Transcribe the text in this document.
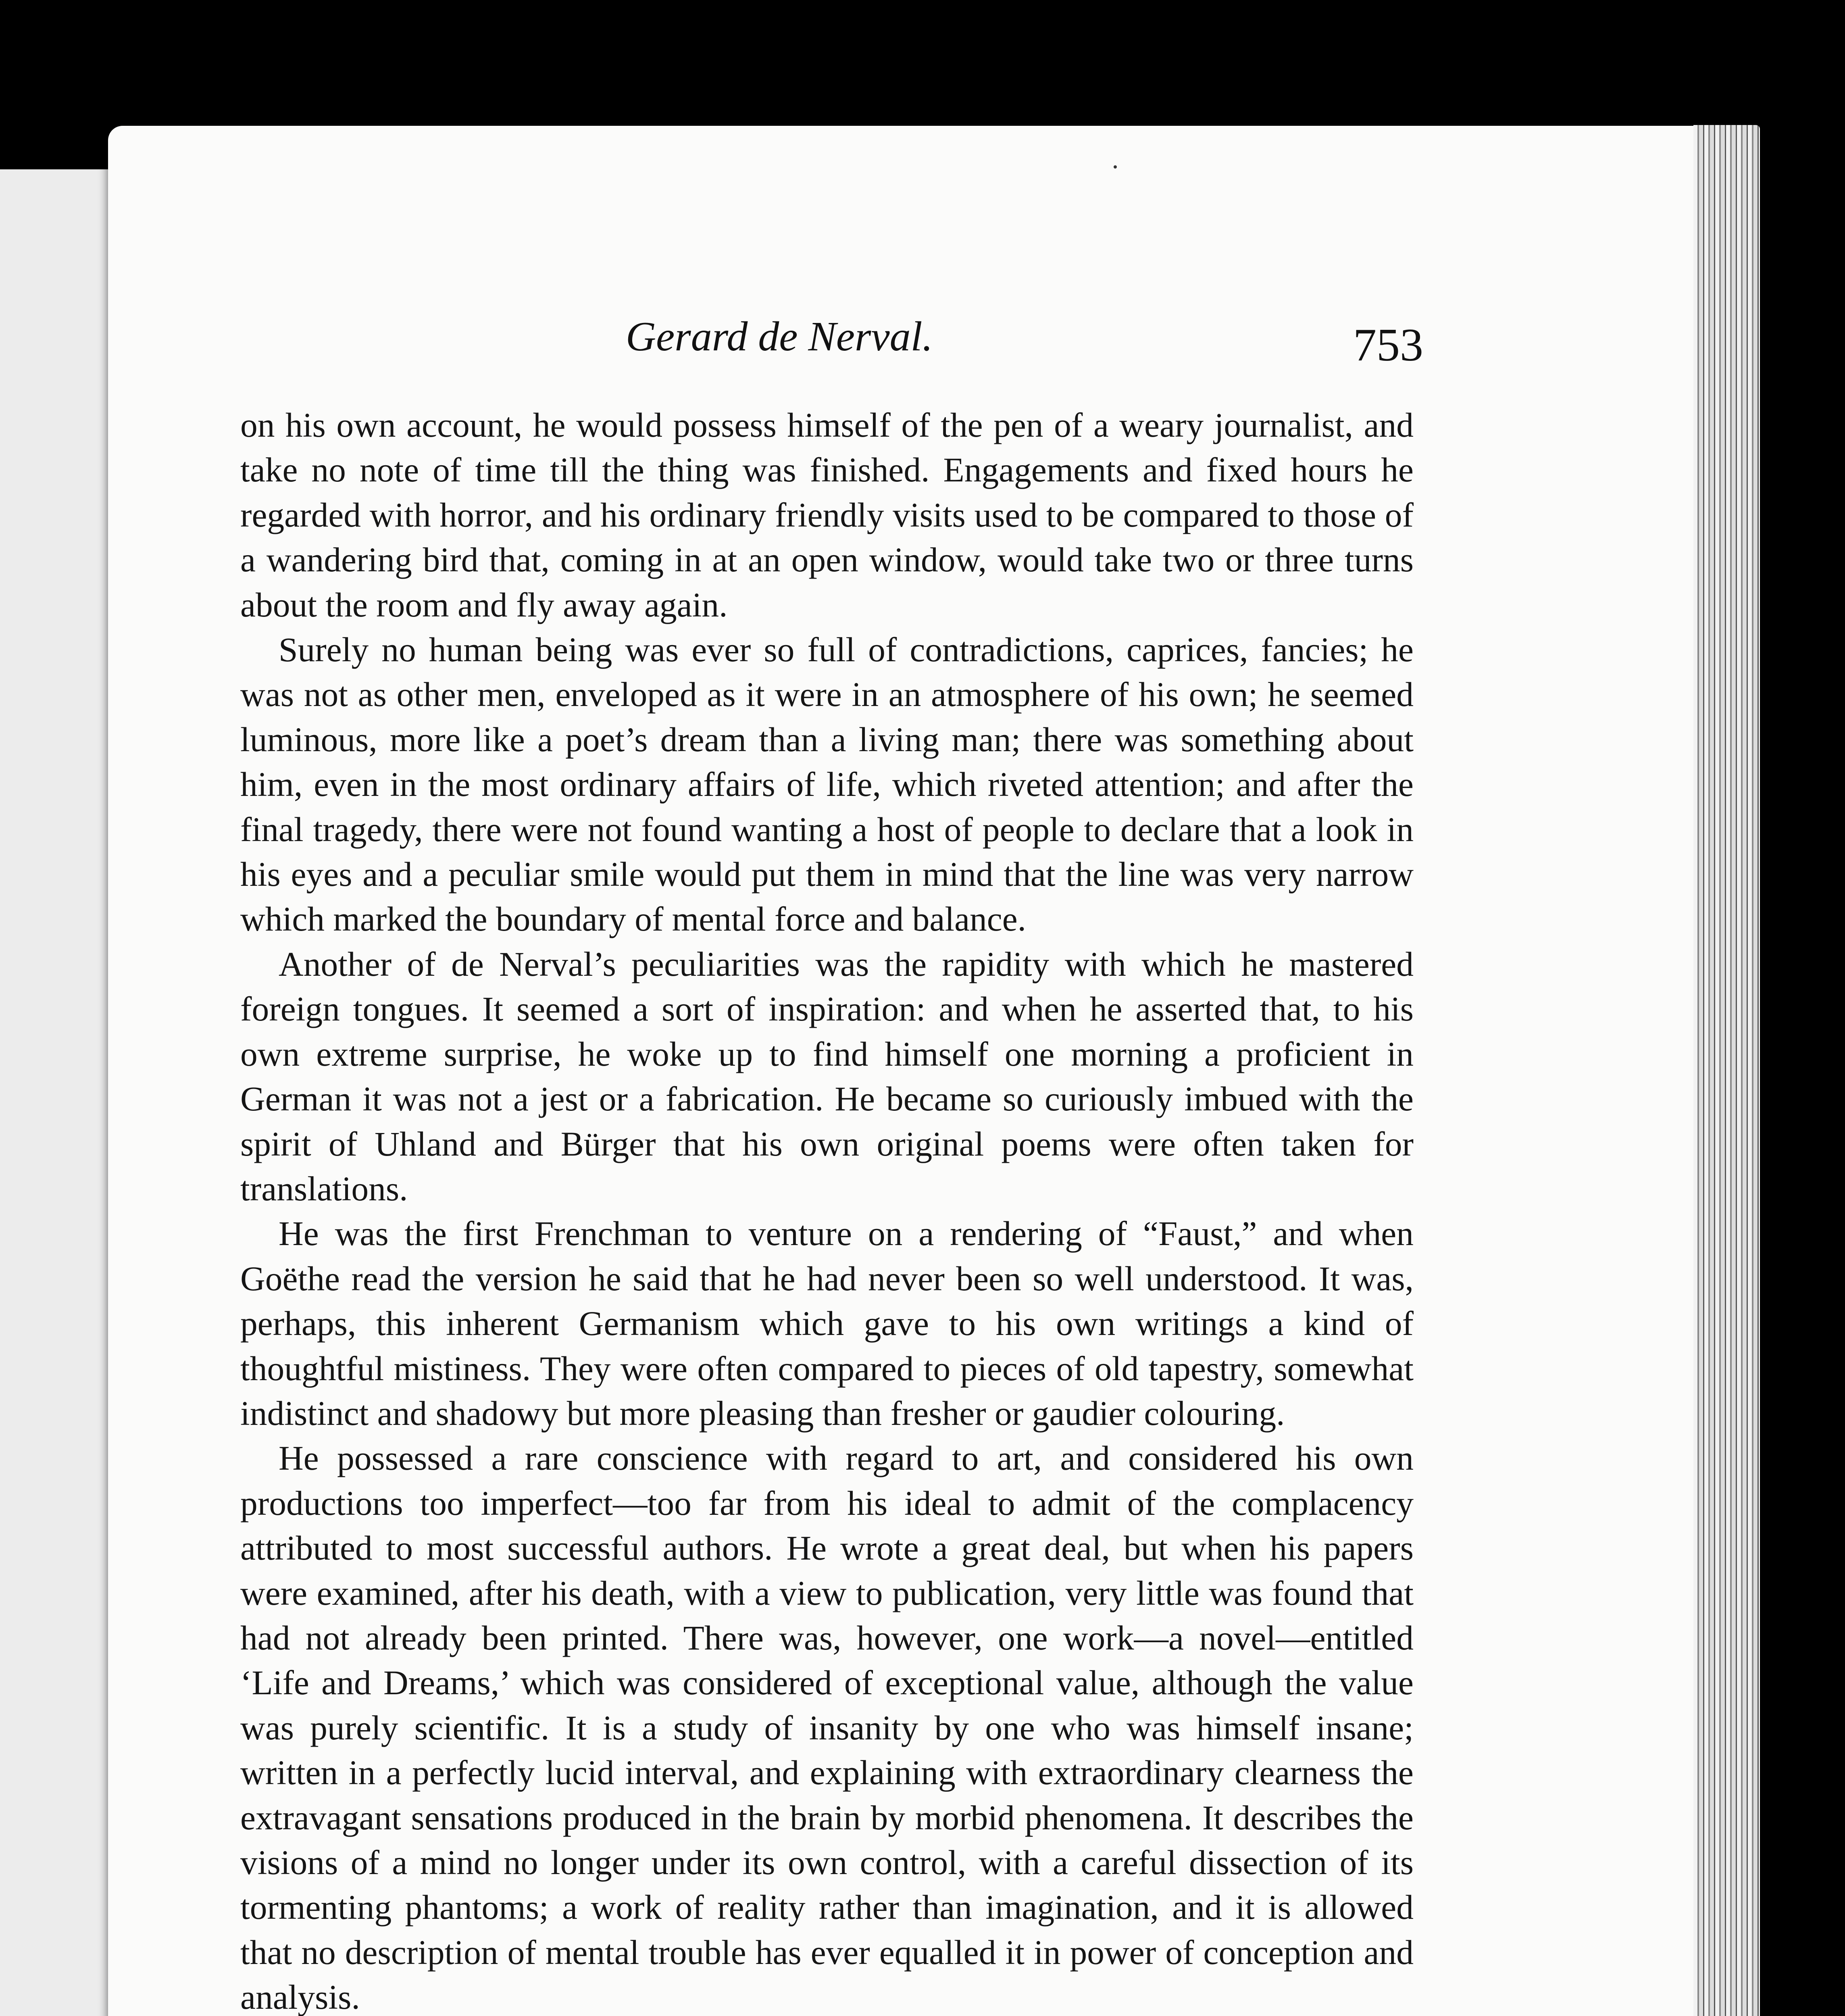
Gerard de Nerval.	753

on his own account, he would possess himself of the pen of a weary journalist, and take no note of time till the thing was finished. Engagements and fixed hours he regarded with horror, and his ordinary friendly visits used to be compared to those of a wandering bird that, coming in at an open window, would take two or three turns about the room and fly away again.

Surely no human being was ever so full of contradictions, caprices, fancies; he was not as other men, enveloped as it were in an atmosphere of his own; he seemed luminous, more like a poet’s dream than a living man; there was something about him, even in the most ordinary affairs of life, which riveted attention; and after the final tragedy, there were not found wanting a host of people to declare that a look in his eyes and a peculiar smile would put them in mind that the line was very narrow which marked the boundary of mental force and balance.

Another of de Nerval’s peculiarities was the rapidity with which he mastered foreign tongues. It seemed a sort of inspiration: and when he asserted that, to his own extreme surprise, he woke up to find himself one morning a proficient in German it was not a jest or a fabrication. He became so curiously imbued with the spirit of Uhland and Bürger that his own original poems were often taken for translations.

He was the first Frenchman to venture on a rendering of “Faust,” and when Goëthe read the version he said that he had never been so well understood. It was, perhaps, this inherent Germanism which gave to his own writings a kind of thoughtful mistiness. They were often compared to pieces of old tapestry, somewhat indistinct and shadowy but more pleasing than fresher or gaudier colouring.

He possessed a rare conscience with regard to art, and considered his own productions too imperfect—too far from his ideal to admit of the complacency attributed to most successful authors. He wrote a great deal, but when his papers were examined, after his death, with a view to publication, very little was found that had not already been printed. There was, however, one work—a novel—entitled ‘Life and Dreams,’ which was considered of exceptional value, although the value was purely scientific. It is a study of insanity by one who was himself insane; written in a perfectly lucid interval, and explaining with extraordinary clearness the extravagant sensations produced in the brain by morbid phenomena. It describes the visions of a mind no longer under its own control, with a careful dissection of its tormenting phantoms; a work of reality rather than imagination, and it is allowed that no description of mental trouble has ever equalled it in power of conception and analysis.
